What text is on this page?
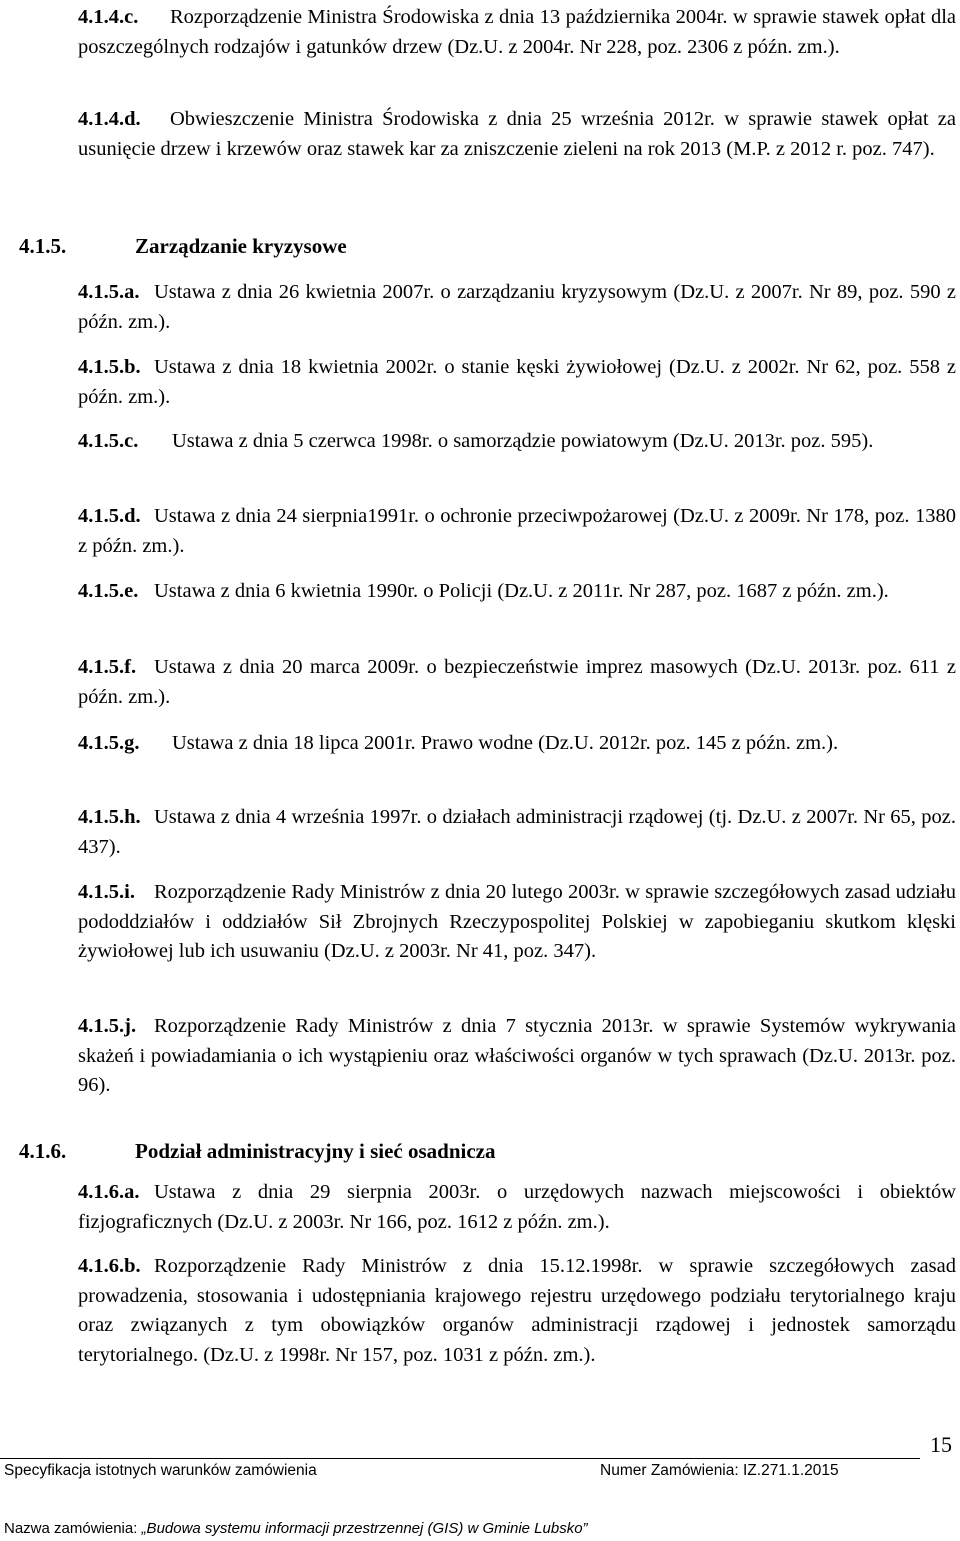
4.1.4.c. Rozporządzenie Ministra Środowiska z dnia 13 października 2004r. w sprawie stawek opłat dla poszczególnych rodzajów i gatunków drzew (Dz.U. z 2004r. Nr 228, poz. 2306 z późn. zm.).
4.1.4.d. Obwieszczenie Ministra Środowiska z dnia 25 września 2012r. w sprawie stawek opłat za usunięcie drzew i krzewów oraz stawek kar za zniszczenie zieleni na rok 2013 (M.P. z 2012 r. poz. 747).
4.1.5.	Zarządzanie kryzysowe
4.1.5.a. Ustawa z dnia 26 kwietnia 2007r. o zarządzaniu kryzysowym (Dz.U. z 2007r. Nr 89, poz. 590 z późn. zm.).
4.1.5.b. Ustawa z dnia 18 kwietnia 2002r. o stanie kęski żywiołowej (Dz.U. z 2002r. Nr 62, poz. 558 z późn. zm.).
4.1.5.c. Ustawa z dnia 5 czerwca 1998r. o samorządzie powiatowym (Dz.U. 2013r. poz. 595).
4.1.5.d. Ustawa z dnia 24 sierpnia1991r. o ochronie przeciwpożarowej (Dz.U. z 2009r. Nr 178, poz. 1380 z późn. zm.).
4.1.5.e. Ustawa z dnia 6 kwietnia 1990r. o Policji (Dz.U. z 2011r. Nr 287, poz. 1687 z późn. zm.).
4.1.5.f. Ustawa z dnia 20 marca 2009r. o bezpieczeństwie imprez masowych (Dz.U. 2013r. poz. 611 z późn. zm.).
4.1.5.g. Ustawa z dnia 18 lipca 2001r. Prawo wodne (Dz.U. 2012r. poz. 145 z późn. zm.).
4.1.5.h. Ustawa z dnia 4 września 1997r. o działach administracji rządowej (tj. Dz.U. z 2007r. Nr 65, poz. 437).
4.1.5.i. Rozporządzenie Rady Ministrów z dnia 20 lutego 2003r. w sprawie szczegółowych zasad udziału pododdziałów i oddziałów Sił Zbrojnych Rzeczypospolitej Polskiej w zapobieganiu skutkom klęski żywiołowej lub ich usuwaniu (Dz.U. z 2003r. Nr 41, poz. 347).
4.1.5.j. Rozporządzenie Rady Ministrów z dnia 7 stycznia 2013r. w sprawie Systemów wykrywania skażeń i powiadamiania o ich wystąpieniu oraz właściwości organów w tych sprawach (Dz.U. 2013r. poz. 96).
4.1.6.	Podział administracyjny i sieć osadnicza
4.1.6.a. Ustawa z dnia 29 sierpnia 2003r. o urzędowych nazwach miejscowości i obiektów fizjograficznych (Dz.U. z 2003r. Nr 166, poz. 1612 z późn. zm.).
4.1.6.b. Rozporządzenie Rady Ministrów z dnia 15.12.1998r. w sprawie szczegółowych zasad prowadzenia, stosowania i udostępniania krajowego rejestru urzędowego podziału terytorialnego kraju oraz związanych z tym obowiązków organów administracji rządowej i jednostek samorządu terytorialnego. (Dz.U. z 1998r. Nr 157, poz. 1031 z późn. zm.).
15
Specyfikacja istotnych warunków zamówienia	Numer Zamówienia: IZ.271.1.2015
Nazwa zamówienia: „Budowa systemu informacji przestrzennej (GIS) w Gminie Lubsko”
